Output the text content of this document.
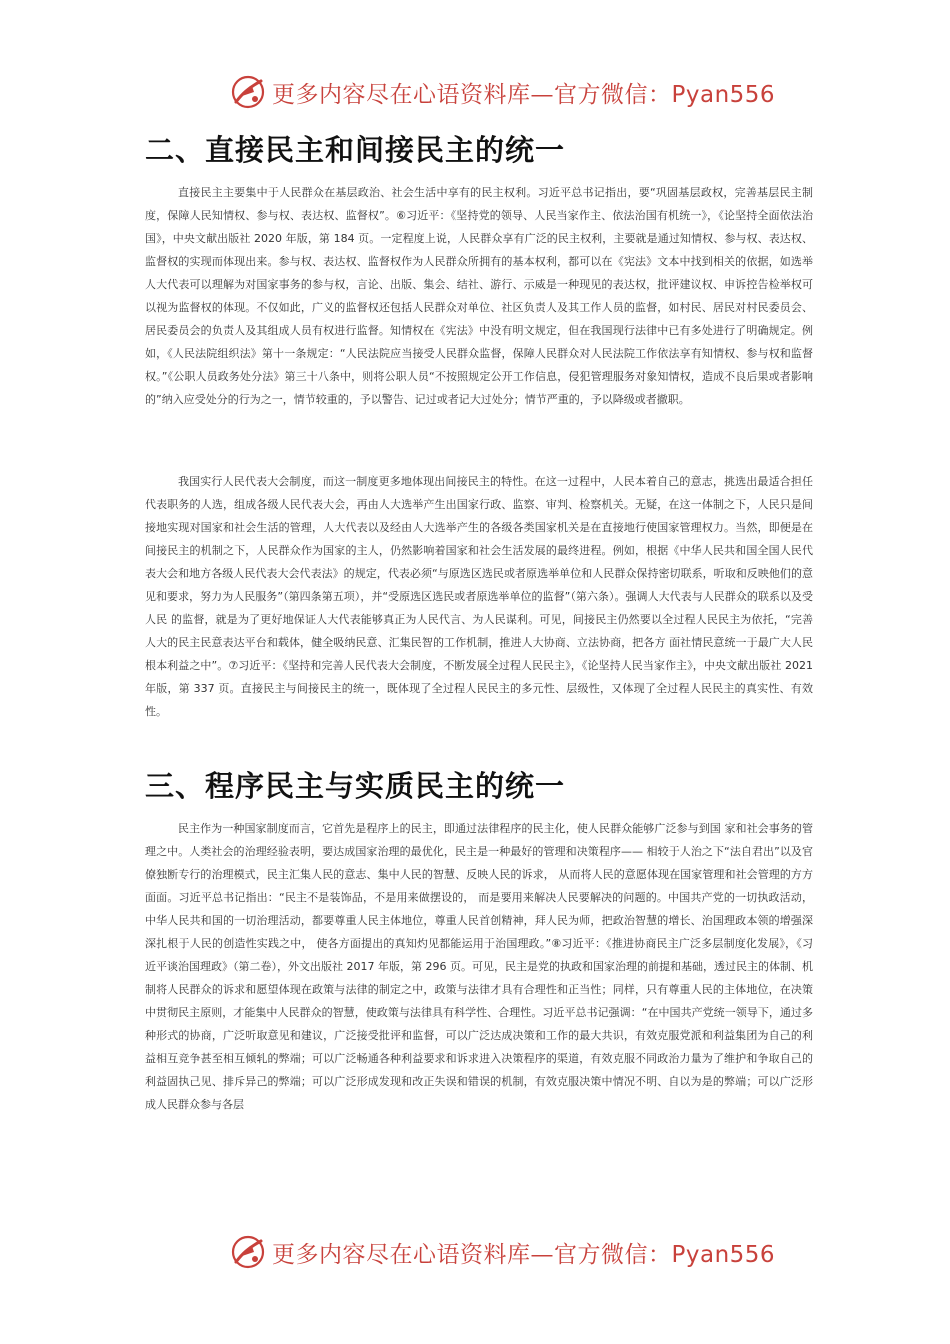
更多内容尽在心语资料库—官方微信：Pyan556
二、直接民主和间接民主的统一

直接民主主要集中于人民群众在基层政治、社会生活中享有的民主权利。习近平总书记指出，要“巩固基层政权，完善基层民主制度，保障人民知情权、参与权、表达权、监督权”。⑥习近平：《坚持党的领导、人民当家作主、依法治国有机统一》，《论坚持全面依法治国》，中央文献出版社 2020 年版，第 184 页。一定程度上说，人民群众享有广泛的民主权利，主要就是通过知情权、参与权、表达权、监督权的实现而体现出来。参与权、表达权、监督权作为人民群众所拥有的基本权利，都可以在《宪法》文本中找到相关的依据，如选举人大代表可以理解为对国家事务的参与权，言论、出版、集会、结社、游行、示威是一种现见的表达权，批评建议权、申诉控告检举权可以视为监督权的体现。不仅如此，广义的监督权还包括人民群众对单位、社区负责人及其工作人员的监督，如村民、居民对村民委员会、居民委员会的负责人及其组成人员有权进行监督。知情权在《宪法》中没有明文规定，但在我国现行法律中已有多处进行了明确规定。例如，《人民法院组织法》第十一条规定：“人民法院应当接受人民群众监督，保障人民群众对人民法院工作依法享有知情权、参与权和监督权。”《公职人员政务处分法》第三十八条中，则将公职人员“不按照规定公开工作信息，侵犯管理服务对象知情权，造成不良后果或者影响的”纳入应受处分的行为之一，情节较重的，予以警告、记过或者记大过处分；情节严重的，予以降级或者撤职。

我国实行人民代表大会制度，而这一制度更多地体现出间接民主的特性。在这一过程中，人民本着自己的意志，挑选出最适合担任代表职务的人选，组成各级人民代表大会，再由人大选举产生出国家行政、监察、审判、检察机关。无疑，在这一体制之下，人民只是间接地实现对国家和社会生活的管理，人大代表以及经由人大选举产生的各级各类国家机关是在直接地行使国家管理权力。当然，即便是在间接民主的机制之下，人民群众作为国家的主人，仍然影响着国家和社会生活发展的最终进程。例如，根据《中华人民共和国全国人民代表大会和地方各级人民代表大会代表法》的规定，代表必须“与原选区选民或者原选举单位和人民群众保持密切联系，听取和反映他们的意见和要求，努力为人民服务”（第四条第五项），并“受原选区选民或者原选举单位的监督”（第六条）。强调人大代表与人民群众的联系以及受人民 的监督，就是为了更好地保证人大代表能够真正为人民代言、为人民谋利。可见，间接民主仍然要以全过程人民民主为依托，“完善人大的民主民意表达平台和载体，健全吸纳民意、汇集民智的工作机制，推进人大协商、立法协商，把各方 面社情民意统一于最广大人民根本利益之中”。⑦习近平：《坚持和完善人民代表大会制度，不断发展全过程人民民主》，《论坚持人民当家作主》，中央文献出版社 2021 年版，第 337 页。直接民主与间接民主的统一，既体现了全过程人民民主的多元性、层级性，又体现了全过程人民民主的真实性、有效性。

三、程序民主与实质民主的统一

民主作为一种国家制度而言，它首先是程序上的民主，即通过法律程序的民主化，使人民群众能够广泛参与到国 家和社会事务的管理之中。人类社会的治理经验表明，要达成国家治理的最优化，民主是一种最好的管理和决策程序—— 相较于人治之下“法自君出”以及官僚独断专行的治理模式，民主汇集人民的意志、集中人民的智慧、反映人民的诉求， 从而将人民的意愿体现在国家管理和社会管理的方方面面。习近平总书记指出：“民主不是装饰品，不是用来做摆设的， 而是要用来解决人民要解决的问题的。中国共产党的一切执政活动，中华人民共和国的一切治理活动，都要尊重人民主体地位，尊重人民首创精神，拜人民为师，把政治智慧的增长、治国理政本领的增强深深扎根于人民的创造性实践之中， 使各方面提出的真知灼见都能运用于治国理政。”⑧习近平：《推进协商民主广泛多层制度化发展》，《习近平谈治国理政》（第二卷），外文出版社 2017 年版，第 296 页。可见，民主是党的执政和国家治理的前提和基础，透过民主的体制、机制将人民群众的诉求和愿望体现在政策与法律的制定之中，政策与法律才具有合理性和正当性；同样，只有尊重人民的主体地位，在决策中贯彻民主原则，才能集中人民群众的智慧，使政策与法律具有科学性、合理性。习近平总书记强调：“在中国共产党统一领导下，通过多种形式的协商，广泛听取意见和建议，广泛接受批评和监督，可以广泛达成决策和工作的最大共识，有效克服党派和利益集团为自己的利益相互竞争甚至相互倾轧的弊端；可以广泛畅通各种利益要求和诉求进入决策程序的渠道，有效克服不同政治力量为了维护和争取自己的利益固执己见、排斥异己的弊端；可以广泛形成发现和改正失误和错误的机制，有效克服决策中情况不明、自以为是的弊端；可以广泛形成人民群众参与各层

更多内容尽在心语资料库—官方微信：Pyan556
